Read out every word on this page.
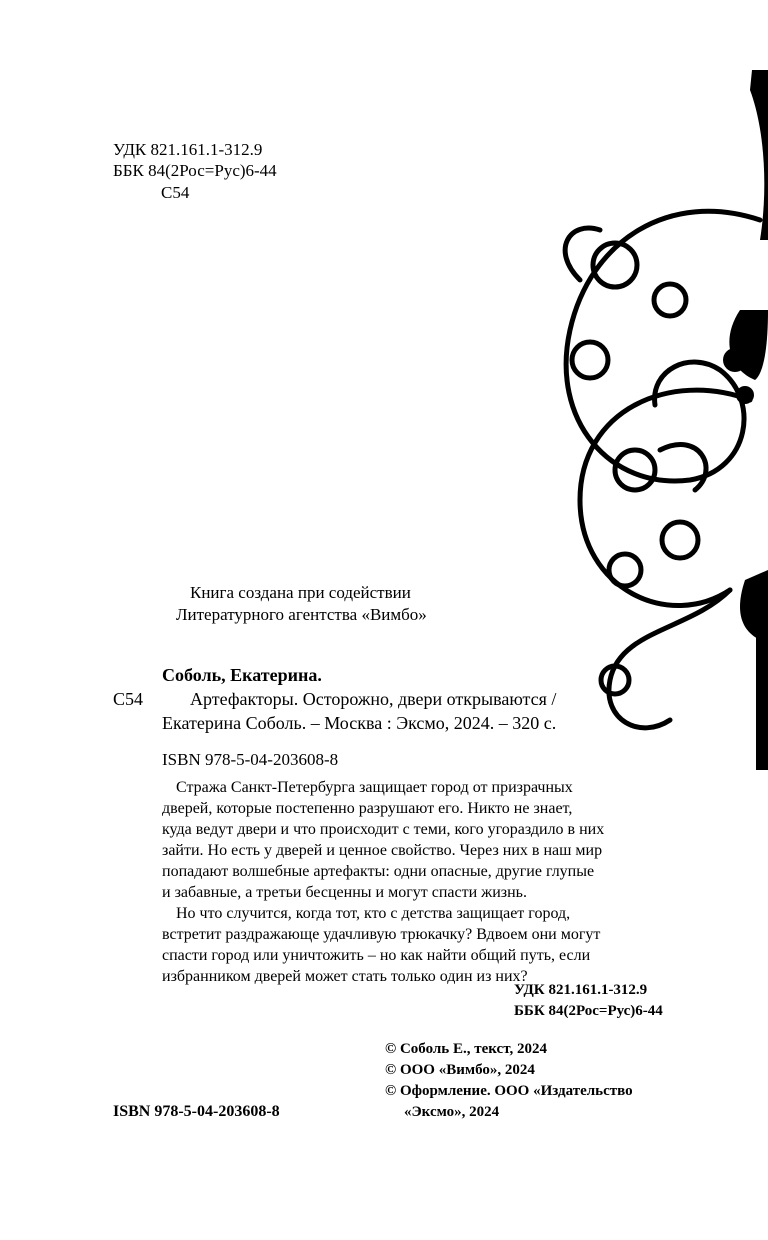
УДК 821.161.1-312.9
ББК 84(2Рос=Рус)6-44
С54
Книга создана при содействии
Литературного агентства «Вимбо»
Соболь, Екатерина.
С54	Артефакторы. Осторожно, двери открываются /
Екатерина Соболь. – Москва : Эксмо, 2024. – 320 с.
ISBN 978-5-04-203608-8
Стража Санкт-Петербурга защищает город от призрачных
дверей, которые постепенно разрушают его. Никто не знает,
куда ведут двери и что происходит с теми, кого угораздило в них
зайти. Но есть у дверей и ценное свойство. Через них в наш мир
попадают волшебные артефакты: одни опасные, другие глупые
и забавные, а третьи бесценны и могут спасти жизнь.
Но что случится, когда тот, кто с детства защищает город,
встретит раздражающе удачливую трюкачку? Вдвоем они могут
спасти город или уничтожить – но как найти общий путь, если
избранником дверей может стать только один из них?
УДК 821.161.1-312.9
ББК 84(2Рос=Рус)6-44
© Соболь Е., текст, 2024
© ООО «Вимбо», 2024
© Оформление. ООО «Издательство
«Эксмо», 2024
ISBN 978-5-04-203608-8
